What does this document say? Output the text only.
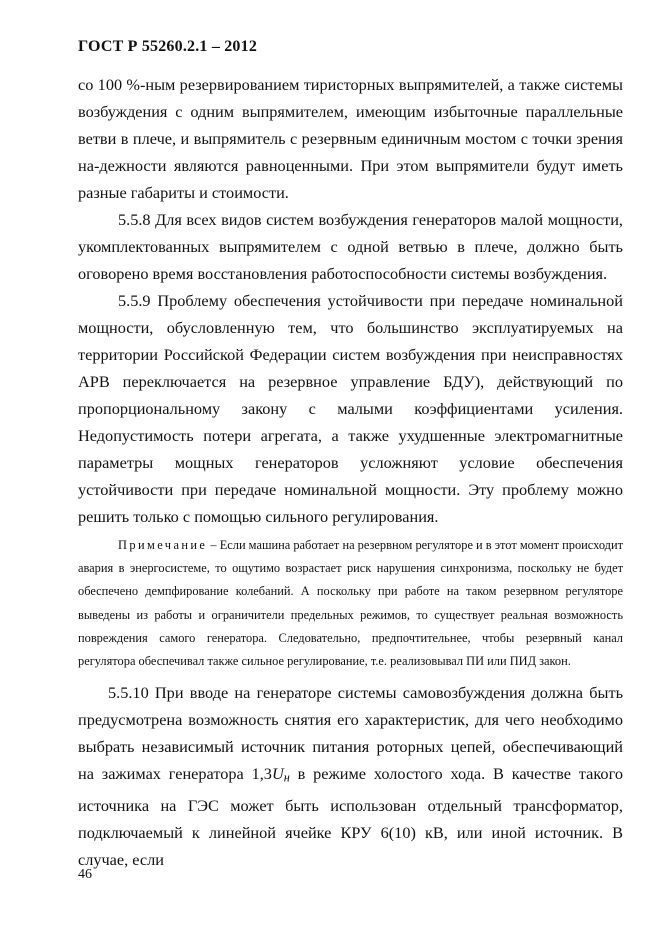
ГОСТ Р 55260.2.1 – 2012

со 100 %-ным резервированием тиристорных выпрямителей, а также системы возбуждения с одним выпрямителем, имеющим избыточные параллельные ветви в плече, и выпрямитель с резервным единичным мостом с точки зрения на-дежности являются равноценными. При этом выпрямители будут иметь разные габариты и стоимости.

5.5.8 Для всех видов систем возбуждения генераторов малой мощности, укомплектованных выпрямителем с одной ветвью в плече, должно быть оговорено время восстановления работоспособности системы возбуждения.

5.5.9 Проблему обеспечения устойчивости при передаче номинальной мощности, обусловленную тем, что большинство эксплуатируемых на территории Российской Федерации систем возбуждения при неисправностях АРВ переключается на резервное управление БДУ), действующий по пропорциональному закону с малыми коэффициентами усиления. Недопустимость потери агрегата, а также ухудшенные электромагнитные параметры мощных генераторов усложняют условие обеспечения устойчивости при передаче номинальной мощности. Эту проблему можно решить только с помощью сильного регулирования.

Примечание – Если машина работает на резервном регуляторе и в этот момент происходит авария в энергосистеме, то ощутимо возрастает риск нарушения синхронизма, поскольку не будет обеспечено демпфирование колебаний. А поскольку при работе на таком резервном регуляторе выведены из работы и ограничители предельных режимов, то существует реальная возможность повреждения самого генератора. Следовательно, предпочтительнее, чтобы резервный канал регулятора обеспечивал также сильное регулирование, т.е. реализовывал ПИ или ПИД закон.

5.5.10 При вводе на генераторе системы самовозбуждения должна быть предусмотрена возможность снятия его характеристик, для чего необходимо выбрать независимый источник питания роторных цепей, обеспечивающий на зажимах генератора 1,3Uн в режиме холостого хода. В качестве такого источника на ГЭС может быть использован отдельный трансформатор, подключаемый к линейной ячейке КРУ 6(10) кВ, или иной источник. В случае, если

46
